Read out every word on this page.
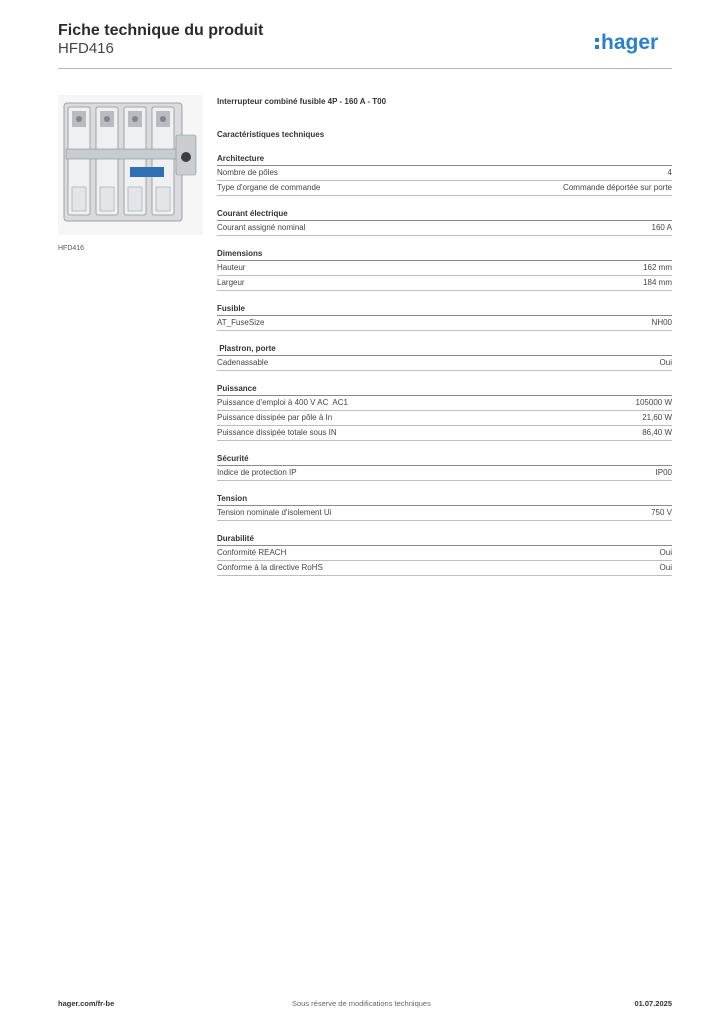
Fiche technique du produit
HFD416	hager
HFD416
Interrupteur combiné fusible 4P - 160 A - T00
Caractéristiques techniques
Architecture
Nombre de pôles	4
Type d'organe de commande	Commande déportée sur porte
Courant électrique
Courant assigné nominal	160 A
Dimensions
Hauteur	162 mm
Largeur	184 mm
Fusible
AT_FuseSize	NH00
Plastron, porte
Cadenassable	Oui
Puissance
Puissance d'emploi à 400 V AC  AC1	105000 W
Puissance dissipée par pôle à In	21,60 W
Puissance dissipée totale sous IN	86,40 W
Sécurité
Indice de protection IP	IP00
Tension
Tension nominale d'isolement Ui	750 V
Durabilité
Conformité REACH	Oui
Conforme à la directive RoHS	Oui
hager.com/fr-be	Sous réserve de modifications techniques	01.07.2025
